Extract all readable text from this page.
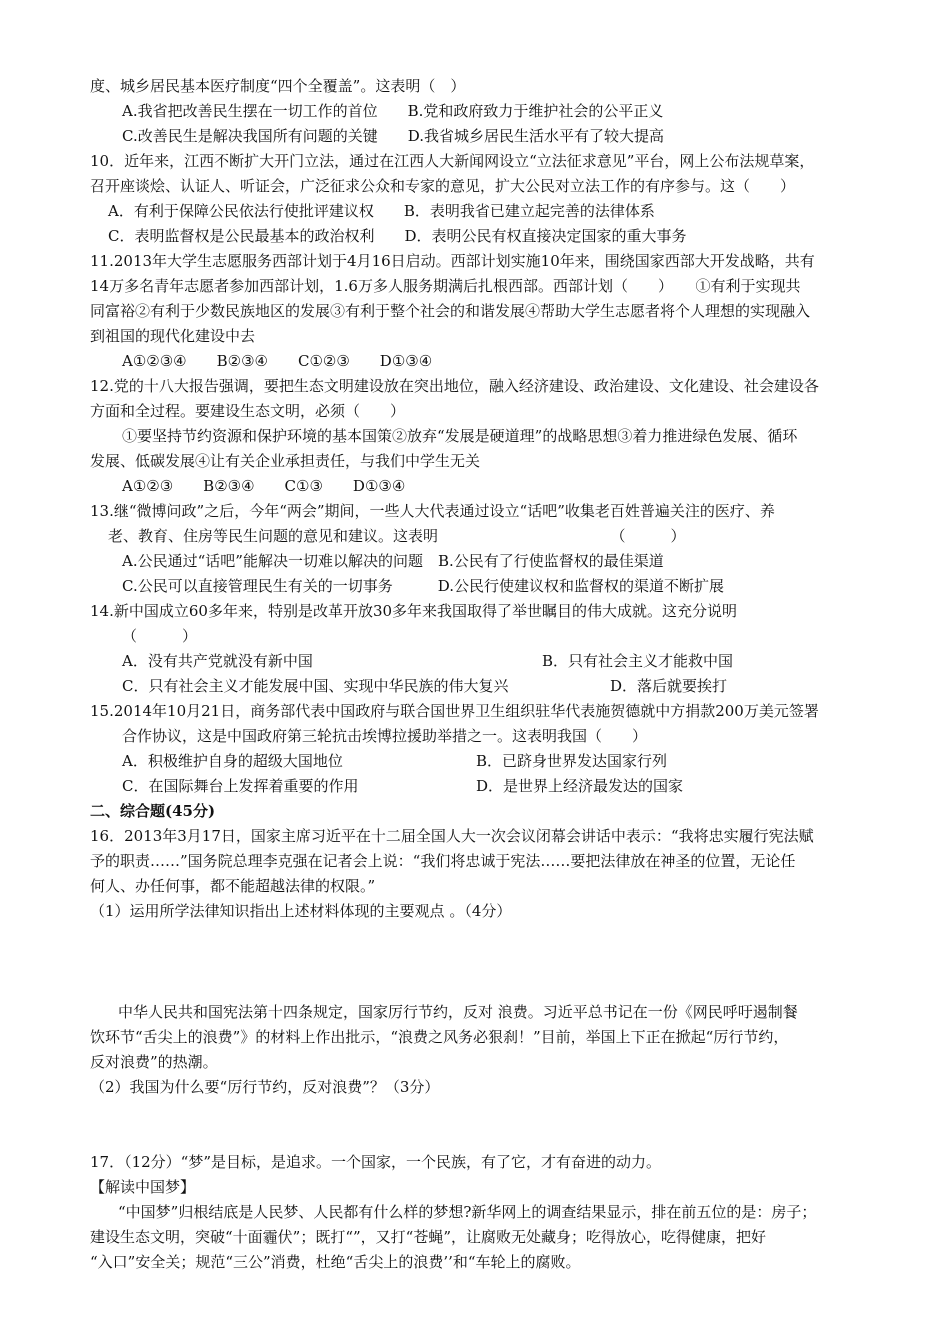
度、城乡居民基本医疗制度“四个全覆盖”。这表明（　）
A.我省把改善民生摆在一切工作的首位　　B.党和政府致力于维护社会的公平正义
C.改善民生是解决我国所有问题的关键　　D.我省城乡居民生活水平有了较大提高
10．近年来，江西不断扩大开门立法，通过在江西人大新闻网设立“立法征求意见”平台，网上公布法规草案，
召开座谈烩、认证人、听证会，广泛征求公众和专家的意见，扩大公民对立法工作的有序参与。这（　　）
A．有利于保障公民依法行使批评建议权　　B．表明我省已建立起完善的法律体系
C．表明监督权是公民最基本的政治权利　　D．表明公民有权直接决定国家的重大事务
11.2013年大学生志愿服务西部计划于4月16日启动。西部计划实施10年来，围绕国家西部大开发战略，共有
14万多名青年志愿者参加西部计划，1.6万多人服务期满后扎根西部。西部计划（　　）　　①有利于实现共
同富裕②有利于少数民族地区的发展③有利于整个社会的和谐发展④帮助大学生志愿者将个人理想的实现融入
到祖国的现代化建设中去
A①②③④　　B②③④　　C①②③　　D①③④
12.党的十八大报告强调，要把生态文明建设放在突出地位，融入经济建设、政治建设、文化建设、社会建设各
方面和全过程。要建设生态文明，必须（　　）
①要坚持节约资源和保护环境的基本国策②放弃“发展是硬道理”的战略思想③着力推进绿色发展、循环
发展、低碳发展④让有关企业承担责任，与我们中学生无关
A①②③　　B②③④　　C①③　　D①③④
13.继“微博问政”之后，今年“两会”期间，一些人大代表通过设立“话吧”收集老百姓普遍关注的医疗、养
老、教育、住房等民生问题的意见和建议。这表明　　　　　　　　　　　　（　　　）
A.公民通过“话吧”能解决一切难以解决的问题　B.公民有了行使监督权的最佳渠道
C.公民可以直接管理民生有关的一切事务　　　D.公民行使建议权和监督权的渠道不断扩展
14.新中国成立60多年来，特别是改革开放30多年来我国取得了举世瞩目的伟大成就。这充分说明
（　　　）
A．没有共产党就没有新中国	B．只有社会主义才能救中国
C．只有社会主义才能发展中国、实现中华民族的伟大复兴	D．落后就要挨打
15.2014年10月21日，商务部代表中国政府与联合国世界卫生组织驻华代表施贺德就中方捐款200万美元签署
合作协议，这是中国政府第三轮抗击埃博拉援助举措之一。这表明我国（　　）
A．积极维护自身的超级大国地位	B．已跻身世界发达国家行列
C．在国际舞台上发挥着重要的作用	D．是世界上经济最发达的国家
二、综合题(45分)
16．2013年3月17日，国家主席习近平在十二届全国人大一次会议闭幕会讲话中表示：“我将忠实履行宪法赋
予的职责……”国务院总理李克强在记者会上说：“我们将忠诚于宪法……要把法律放在神圣的位置，无论任
何人、办任何事，都不能超越法律的权限。”
（1）运用所学法律知识指出上述材料体现的主要观点 。（4分）
中华人民共和国宪法第十四条规定，国家厉行节约，反对 浪费。习近平总书记在一份《网民呼吁遏制餐
饮环节“舌尖上的浪费”》的材料上作出批示，“浪费之风务必狠刹！”目前，举国上下正在掀起“厉行节约，
反对浪费”的热潮。
（2）我国为什么要“厉行节约，反对浪费”？（3分）
17．（12分）“梦”是目标，是追求。一个国家，一个民族，有了它，才有奋进的动力。
【解读中国梦】
“中国梦”归根结底是人民梦、人民都有什么样的梦想?新华网上的调查结果显示，排在前五位的是：房子；
建设生态文明，突破“十面霾伏”；既打“”，又打“苍蝇”，让腐败无处藏身；吃得放心，吃得健康，把好
“入口”安全关；规范“三公”消费，杜绝“舌尖上的浪费’’和“车轮上的腐败。
